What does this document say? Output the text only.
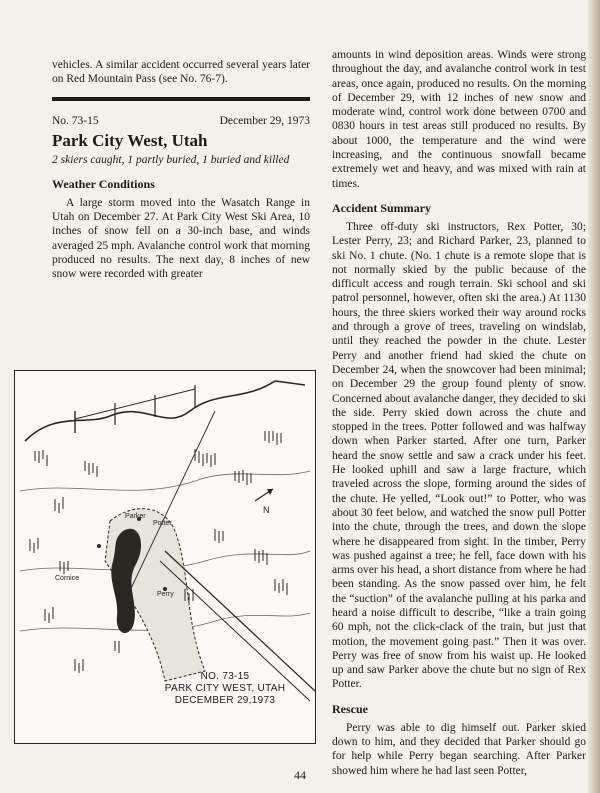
vehicles. A similar accident occurred several years later on Red Mountain Pass (see No. 76-7).

No. 73-15	December 29, 1973
Park City West, Utah

2 skiers caught, 1 partly buried, 1 buried and killed

Weather Conditions

A large storm moved into the Wasatch Range in Utah on December 27. At Park City West Ski Area, 10 inches of snow fell on a 30-inch base, and winds averaged 25 mph. Avalanche control work that morning produced no results. The next day, 8 inches of new snow were recorded with greater

Parker
Potter
Cornice
Perry
N
NO. 73-15
PARK CITY WEST, UTAH
DECEMBER 29,1973

amounts in wind deposition areas. Winds were strong throughout the day, and avalanche control work in test areas, once again, produced no results. On the morning of December 29, with 12 inches of new snow and moderate wind, control work done between 0700 and 0830 hours in test areas still produced no results. By about 1000, the temperature and the wind were increasing, and the continuous snowfall became extremely wet and heavy, and was mixed with rain at times.

Accident Summary

Three off-duty ski instructors, Rex Potter, 30; Lester Perry, 23; and Richard Parker, 23, planned to ski No. 1 chute. (No. 1 chute is a remote slope that is not normally skied by the public because of the difficult access and rough terrain. Ski school and ski patrol personnel, however, often ski the area.) At 1130 hours, the three skiers worked their way around rocks and through a grove of trees, traveling on windslab, until they reached the powder in the chute. Lester Perry and another friend had skied the chute on December 24, when the snowcover had been minimal; on December 29 the group found plenty of snow. Concerned about avalanche danger, they decided to ski the side. Perry skied down across the chute and stopped in the trees. Potter followed and was halfway down when Parker started. After one turn, Parker heard the snow settle and saw a crack under his feet. He looked uphill and saw a large fracture, which traveled across the slope, forming around the sides of the chute. He yelled, “Look out!” to Potter, who was about 30 feet below, and watched the snow pull Potter into the chute, through the trees, and down the slope where he disappeared from sight. In the timber, Perry was pushed against a tree; he fell, face down with his arms over his head, a short distance from where he had been standing. As the snow passed over him, he felt the “suction” of the avalanche pulling at his parka and heard a noise difficult to describe, “like a train going 60 mph, not the click-clack of the train, but just that motion, the movement going past.” Then it was over. Perry was free of snow from his waist up. He looked up and saw Parker above the chute but no sign of Rex Potter.

Rescue

Perry was able to dig himself out. Parker skied down to him, and they decided that Parker should go for help while Perry began searching. After Parker showed him where he had last seen Potter,

44
